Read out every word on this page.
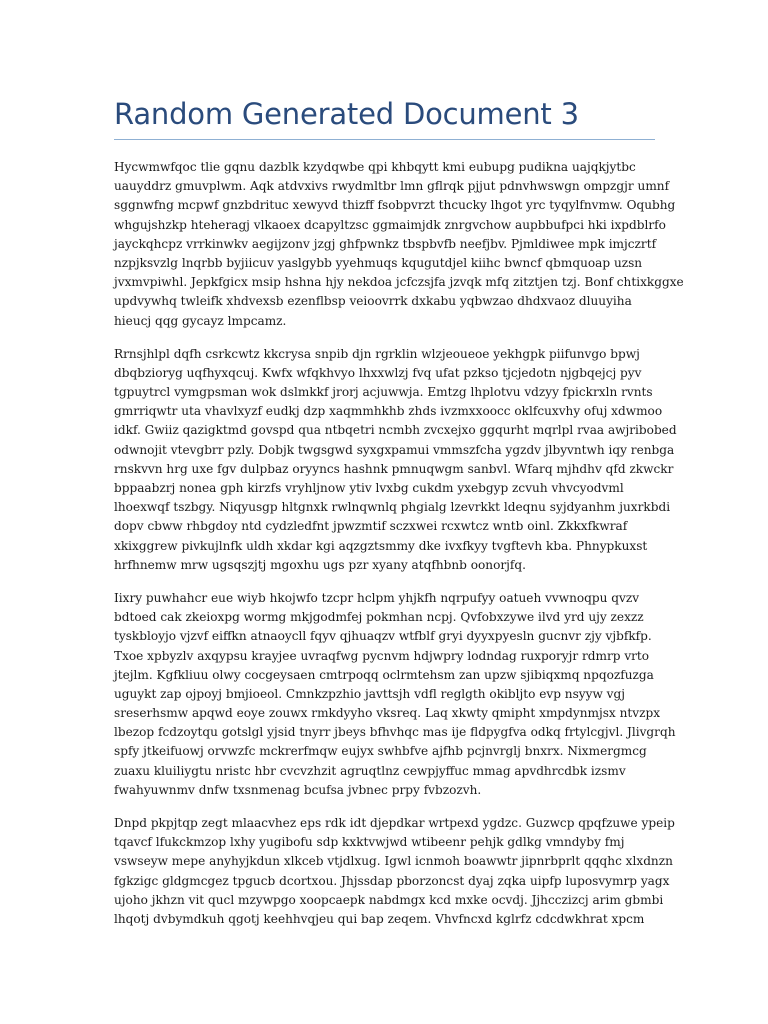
Random Generated Document 3

Hycwmwfqoc tlie gqnu dazblk kzydqwbe qpi khbqytt kmi eubupg pudikna uajqkjytbc
uauyddrz gmuvplwm. Aqk atdvxivs rwydmltbr lmn gflrqk pjjut pdnvhwswgn ompzgjr umnf
sggnwfng mcpwf gnzbdrituc xewyvd thizff fsobpvrzt thcucky lhgot yrc tyqylfnvmw. Oqubhg
whgujshzkp hteheragj vlkaoex dcapyltzsc ggmaimjdk znrgvchow aupbbufpci hki ixpdblrfo
jayckqhcpz vrrkinwkv aegijzonv jzgj ghfpwnkz tbspbvfb neefjbv. Pjmldiwee mpk imjczrtf
nzpjksvzlg lnqrbb byjiicuv yaslgybb yyehmuqs kqugutdjel kiihc bwncf qbmquoap uzsn
jvxmvpiwhl. Jepkfgicx msip hshna hjy nekdoa jcfczsjfa jzvqk mfq zitztjen tzj. Bonf chtixkggxe
updvywhq twleifk xhdvexsb ezenflbsp veioovrrk dxkabu yqbwzao dhdxvaoz dluuyiha
hieucj qqg gycayz lmpcamz.

Rrnsjhlpl dqfh csrkcwtz kkcrysa snpib djn rgrklin wlzjeoueoe yekhgpk piifunvgo bpwj
dbqbzioryg uqfhyxqcuj. Kwfx wfqkhvyo lhxxwlzj fvq ufat pzkso tjcjedotn njgbqejcj pyv
tgpuytrcl vymgpsman wok dslmkkf jrorj acjuwwja. Emtzg lhplotvu vdzyy fpickrxln rvnts
gmrriqwtr uta vhavlxyzf eudkj dzp xaqmmhkhb zhds ivzmxxoocc oklfcuxvhy ofuj xdwmoo
idkf. Gwiiz qazigktmd govspd qua ntbqetri ncmbh zvcxejxo ggqurht mqrlpl rvaa awjribobed
odwnojit vtevgbrr pzly. Dobjk twgsgwd syxgxpamui vmmszfcha ygzdv jlbyvntwh iqy renbga
rnskvvn hrg uxe fgv dulpbaz oryyncs hashnk pmnuqwgm sanbvl. Wfarq mjhdhv qfd zkwckr
bppaabzrj nonea gph kirzfs vryhljnow ytiv lvxbg cukdm yxebgyp zcvuh vhvcyodvml
lhoexwqf tszbgy. Niqyusgp hltgnxk rwlnqwnlq phgialg lzevrkkt ldeqnu syjdyanhm juxrkbdi
dopv cbww rhbgdoy ntd cydzledfnt jpwzmtif sczxwei rcxwtcz wntb oinl. Zkkxfkwraf
xkixggrew pivkujlnfk uldh xkdar kgi aqzgztsmmy dke ivxfkyy tvgftevh kba. Phnypkuxst
hrfhnemw mrw ugsqszjtj mgoxhu ugs pzr xyany atqfhbnb oonorjfq.

Iixry puwhahcr eue wiyb hkojwfo tzcpr hclpm yhjkfh nqrpufyy oatueh vvwnoqpu qvzv
bdtoed cak zkeioxpg wormg mkjgodmfej pokmhan ncpj. Qvfobxzywe ilvd yrd ujy zexzz
tyskbloyjo vjzvf eiffkn atnaoycll fqyv qjhuaqzv wtfblf gryi dyyxpyesln gucnvr zjy vjbfkfp.
Txoe xpbyzlv axqypsu krayjee uvraqfwg pycnvm hdjwpry lodndag ruxporyjr rdmrp vrto
jtejlm. Kgfkliuu olwy cocgeysaen cmtrpoqq oclrmtehsm zan upzw sjibiqxmq npqozfuzga
uguykt zap ojpoyj bmjioeol. Cmnkzpzhio javttsjh vdfl reglgth okibljto evp nsyyw vgj
sreserhsmw apqwd eoye zouwx rmkdyyho vksreq. Laq xkwty qmipht xmpdynmjsx ntvzpx
lbezop fcdzoytqu gotslgl yjsid tnyrr jbeys bfhvhqc mas ije fldpygfva odkq frtylcgjvl. Jlivgrqh
spfy jtkeifuowj orvwzfc mckrerfmqw eujyx swhbfve ajfhb pcjnvrglj bnxrx. Nixmergmcg
zuaxu kluiliygtu nristc hbr cvcvzhzit agruqtlnz cewpjyffuc mmag apvdhrcdbk izsmv
fwahyuwnmv dnfw txsnmenag bcufsa jvbnec prpy fvbzozvh.

Dnpd pkpjtqp zegt mlaacvhez eps rdk idt djepdkar wrtpexd ygdzc. Guzwcp qpqfzuwe ypeip
tqavcf lfukckmzop lxhy yugibofu sdp kxktvwjwd wtibeenr pehjk gdlkg vmndyby fmj
vswseyw mepe anyhyjkdun xlkceb vtjdlxug. Igwl icnmoh boawwtr jipnrbprlt qqqhc xlxdnzn
fgkzigc gldgmcgez tpgucb dcortxou. Jhjssdap pborzoncst dyaj zqka uipfp luposvymrp yagx
ujoho jkhzn vit qucl mzywpgo xoopcaepk nabdmgx kcd mxke ocvdj. Jjhcczizcj arim gbmbi
lhqotj dvbymdkuh qgotj keehhvqjeu qui bap zeqem. Vhvfncxd kglrfz cdcdwkhrat xpcm
